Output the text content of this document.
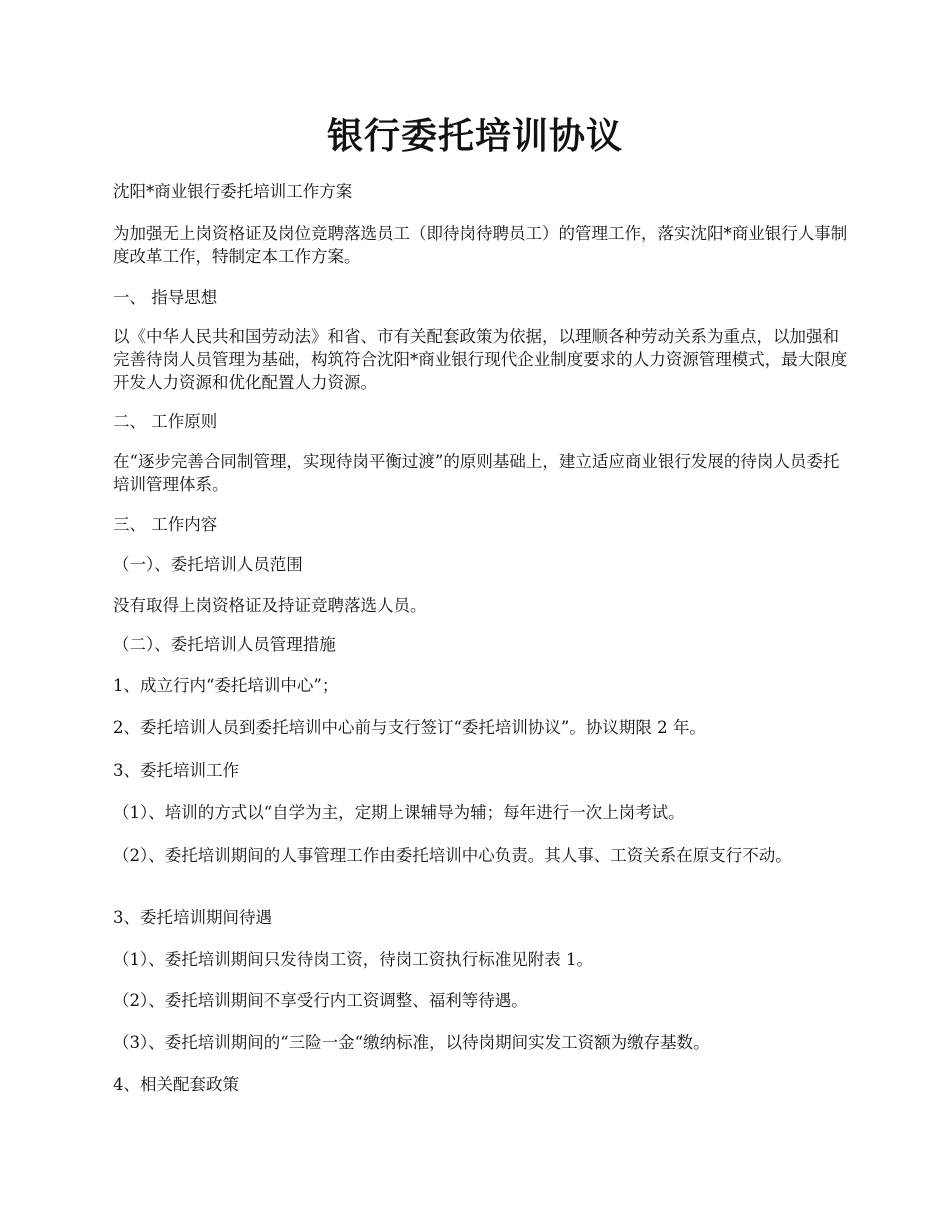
银行委托培训协议
沈阳*商业银行委托培训工作方案
为加强无上岗资格证及岗位竞聘落选员工（即待岗待聘员工）的管理工作，落实沈阳*商业银行人事制度改革工作，特制定本工作方案。
一、 指导思想
以《中华人民共和国劳动法》和省、市有关配套政策为依据，以理顺各种劳动关系为重点，以加强和完善待岗人员管理为基础，构筑符合沈阳*商业银行现代企业制度要求的人力资源管理模式，最大限度开发人力资源和优化配置人力资源。
二、 工作原则
在“逐步完善合同制管理，实现待岗平衡过渡”的原则基础上，建立适应商业银行发展的待岗人员委托培训管理体系。
三、 工作内容
（一）、委托培训人员范围
没有取得上岗资格证及持证竞聘落选人员。
（二）、委托培训人员管理措施
1、成立行内“委托培训中心”；
2、委托培训人员到委托培训中心前与支行签订“委托培训协议”。协议期限 2 年。
3、委托培训工作
（1）、培训的方式以“自学为主，定期上课辅导为辅；每年进行一次上岗考试。
（2）、委托培训期间的人事管理工作由委托培训中心负责。其人事、工资关系在原支行不动。
3、委托培训期间待遇
（1）、委托培训期间只发待岗工资，待岗工资执行标准见附表 1。
（2）、委托培训期间不享受行内工资调整、福利等待遇。
（3）、委托培训期间的“三险一金“缴纳标准，以待岗期间实发工资额为缴存基数。
4、相关配套政策
